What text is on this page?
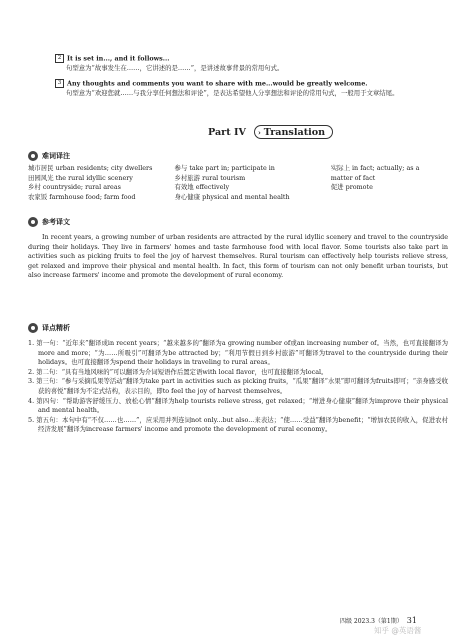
2 It is set in..., and it follows...
句型意为“故事发生在……，它讲述的是……”，是讲述故事背景的常用句式。
3 Any thoughts and comments you want to share with me...would be greatly welcome.
句型意为“欢迎您就……与我分享任何想法和评论”，是表达希望他人分享想法和评论的常用句式，一般用于文章结尾。
Part IV › Translation
难词译注
城市居民 urban residents; city dwellers	参与 take part in; participate in	实际上 in fact; actually; as a
田园风光 the rural idyllic scenery	乡村旅游 rural tourism	matter of fact
乡村 countryside; rural areas	有效地 effectively	促进 promote
农家饭 farmhouse food; farm food	身心健康 physical and mental health
参考译文
In recent years, a growing number of urban residents are attracted by the rural idyllic scenery and travel to the countryside during their holidays. They live in farmers' homes and taste farmhouse food with local flavor. Some tourists also take part in activities such as picking fruits to feel the joy of harvest themselves. Rural tourism can effectively help tourists relieve stress, get relaxed and improve their physical and mental health. In fact, this form of tourism can not only benefit urban tourists, but also increase farmers' income and promote the development of rural economy.
译点精析
1. 第一句：“近年来”翻译成in recent years；“越来越多的”翻译为a growing number of或an increasing number of。当然，也可直接翻译为more and more；“为……所吸引”可翻译为be attracted by；“利用节假日到乡村旅游”可翻译为travel to the countryside during their holidays。也可直接翻译为spend their holidays in traveling to rural areas。
2. 第二句：“具有当地风味的”可以翻译为介词短语作后置定语with local flavor，也可直接翻译为local。
3. 第三句：“参与采摘瓜果等活动”翻译为take part in activities such as picking fruits，“瓜果”翻译“水果”即可翻译为fruits即可；“亲身感受收获的喜悦”翻译为不定式结构，表示目的，即to feel the joy of harvest themselves。
4. 第四句：“帮助游客舒缓压力、放松心情”翻译为help tourists relieve stress, get relaxed；“增进身心健康”翻译为improve their physical and mental health。
5. 第五句：本句中有“不仅……也……”，应采用并列连词not only...but also...来表达；“使……受益”翻译为benefit；“增加农民的收入，促进农村经济发展”翻译为increase farmers' income and promote the development of rural economy。
四级 2023.3（第1期） 31
知乎 @英语酱
